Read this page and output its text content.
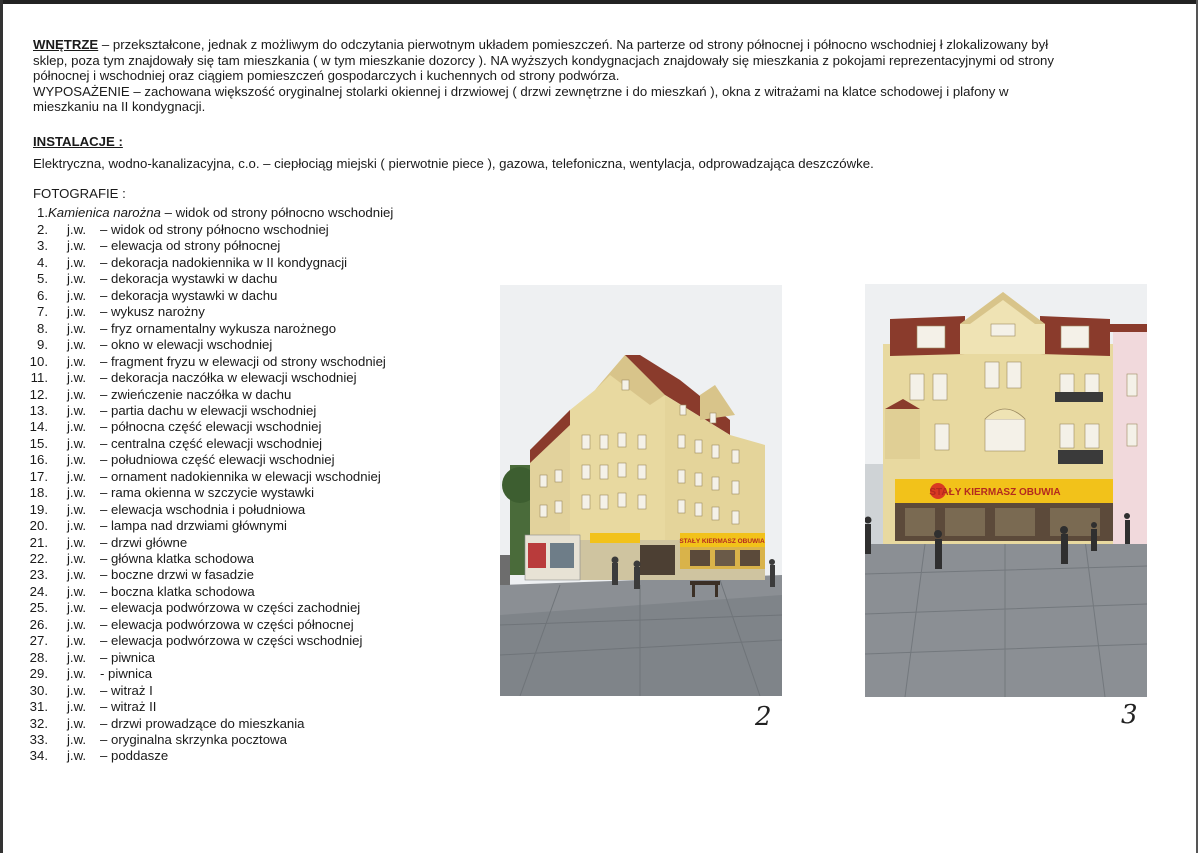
WNĘTRZE – przekształcone, jednak z możliwym do odczytania pierwotnym układem pomieszczeń. Na parterze od strony północnej i północno wschodniej ł zlokalizowany był

sklep, poza tym znajdowały się tam mieszkania ( w tym mieszkanie dozorcy ). NA wyższych kondygnacjach znajdowały się mieszkania z pokojami reprezentacyjnymi od strony

północnej i wschodniej oraz ciągiem pomieszczeń gospodarczych i kuchennych od strony podwórza.

WYPOSAŻENIE – zachowana większość oryginalnej stolarki okiennej i drzwiowej ( drzwi zewnętrzne i do mieszkań ), okna z witrażami na klatce schodowej i plafony w

mieszkaniu na II kondygnacji.

INSTALACJE :
Elektryczna, wodno-kanalizacyjna, c.o. – ciepłociąg miejski ( pierwotnie piece ), gazowa, telefoniczna, wentylacja, odprowadzająca deszczówke.
FOTOGRAFIE :
1.Kamienica narożna – widok od strony północno wschodniej
2. j.w. – widok od strony północno wschodniej
3. j.w. – elewacja od strony północnej
4. j.w. – dekoracja nadokiennika w II kondygnacji
5. j.w. – dekoracja wystawki w dachu
6. j.w. – dekoracja wystawki w dachu
7. j.w. – wykusz narożny
8. j.w. – fryz ornamentalny wykusza narożnego
9. j.w. – okno w elewacji wschodniej
10. j.w. – fragment fryzu w elewacji od strony wschodniej
11. j.w. – dekoracja naczółka w elewacji wschodniej
12. j.w. – zwieńczenie naczółka w dachu
13. j.w. – partia dachu w elewacji wschodniej
14. j.w. – północna część elewacji wschodniej
15. j.w. – centralna część elewacji wschodniej
16. j.w. – południowa część elewacji wschodniej
17. j.w. – ornament nadokiennika w elewacji wschodniej
18. j.w. – rama okienna w szczycie wystawki
19. j.w. – elewacja wschodnia i południowa
20. j.w. – lampa nad drzwiami głównymi
21. j.w. – drzwi główne
22. j.w. – główna klatka schodowa
23. j.w. – boczne drzwi w fasadzie
24. j.w. – boczna klatka schodowa
25. j.w. – elewacja podwórzowa w części zachodniej
26. j.w. – elewacja podwórzowa w części północnej
27. j.w. – elewacja podwórzowa w części wschodniej
28. j.w. – piwnica
29. j.w. - piwnica
30. j.w. – witraż I
31. j.w. – witraż II
32. j.w. – drzwi prowadzące do mieszkania
33. j.w. – oryginalna skrzynka pocztowa
34. j.w. – poddasze
STAŁY KIERMASZ OBUWIA
STAŁY KIERMASZ OBUWIA
2	3
